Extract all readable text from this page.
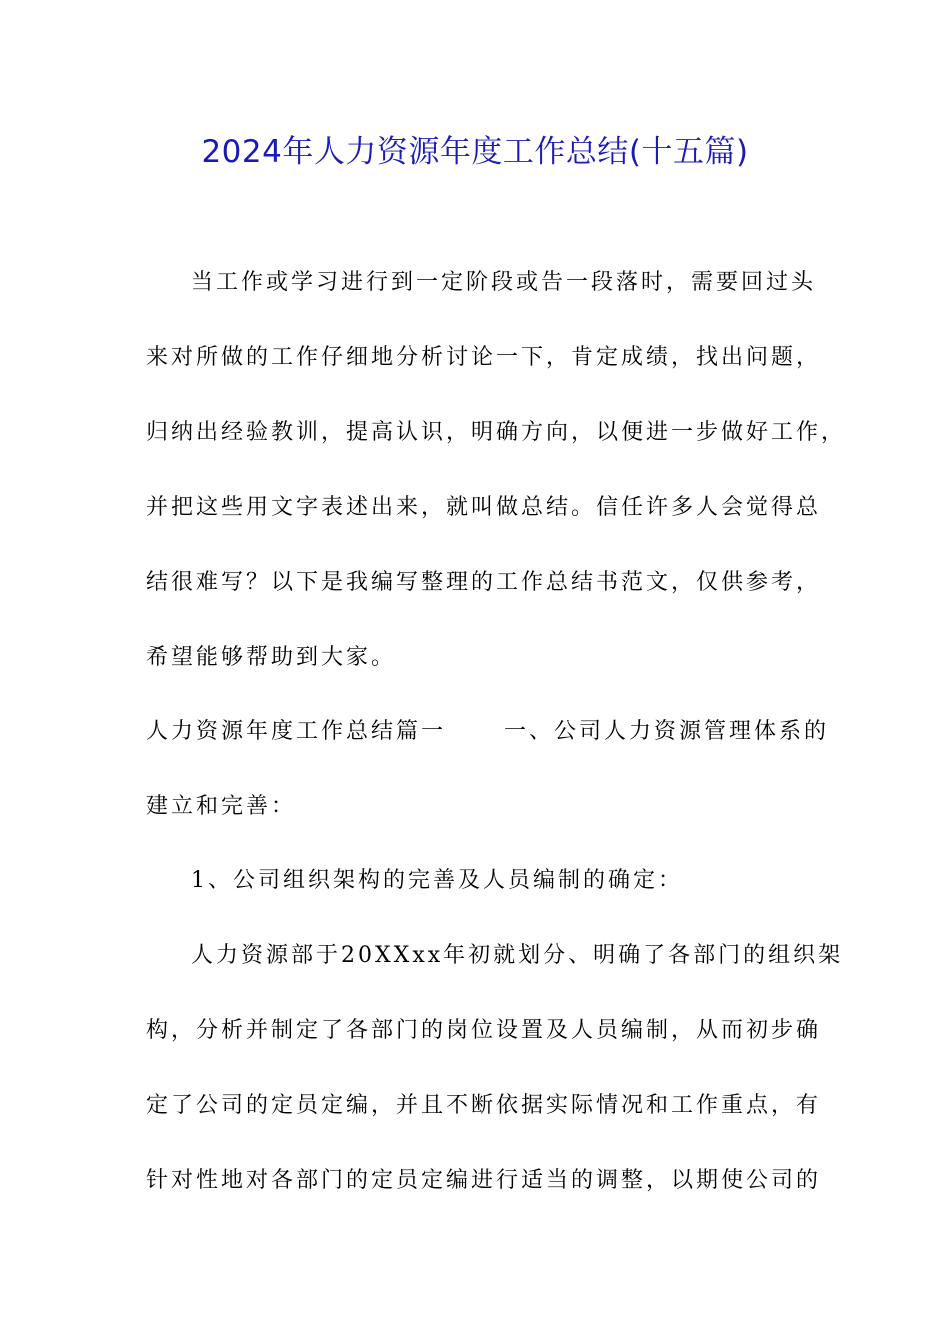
2024年人力资源年度工作总结(十五篇)
当工作或学习进行到一定阶段或告一段落时，需要回过头
来对所做的工作仔细地分析讨论一下，肯定成绩，找出问题，
归纳出经验教训，提高认识，明确方向，以便进一步做好工作，
并把这些用文字表述出来，就叫做总结。信任许多人会觉得总
结很难写？以下是我编写整理的工作总结书范文，仅供参考，
希望能够帮助到大家。
人力资源年度工作总结篇一	一、公司人力资源管理体系的
建立和完善：
1、公司组织架构的完善及人员编制的确定：
人力资源部于20XXxx年初就划分、明确了各部门的组织架
构，分析并制定了各部门的岗位设置及人员编制，从而初步确
定了公司的定员定编，并且不断依据实际情况和工作重点，有
针对性地对各部门的定员定编进行适当的调整，以期使公司的
